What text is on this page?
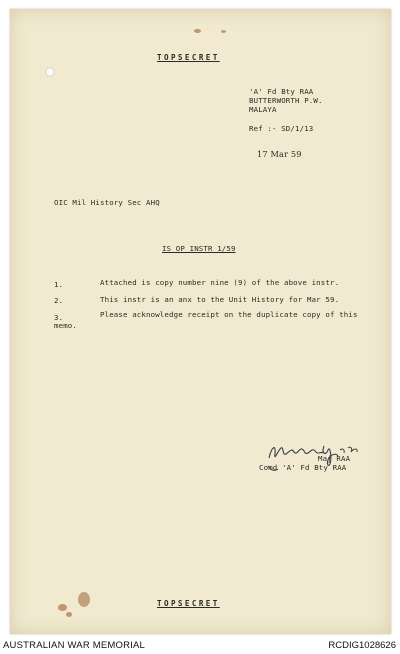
TOPSECRET
'A' Fd Bty RAA
BUTTERWORTH P.W.
MALAYA
Ref :- SD/1/13
17 Mar 59
OIC Mil History Sec AHQ
IS OP INSTR 1/59
1.	Attached is copy number nine (9) of the above instr.
2.	This instr is an anx to the Unit History for Mar 59.
3.	Please acknowledge receipt on the duplicate copy of this
memo.
Maj RAA
Comd 'A' Fd Bty RAA
TOPSECRET
AUSTRALIAN WAR MEMORIAL	RCDIG1028626
